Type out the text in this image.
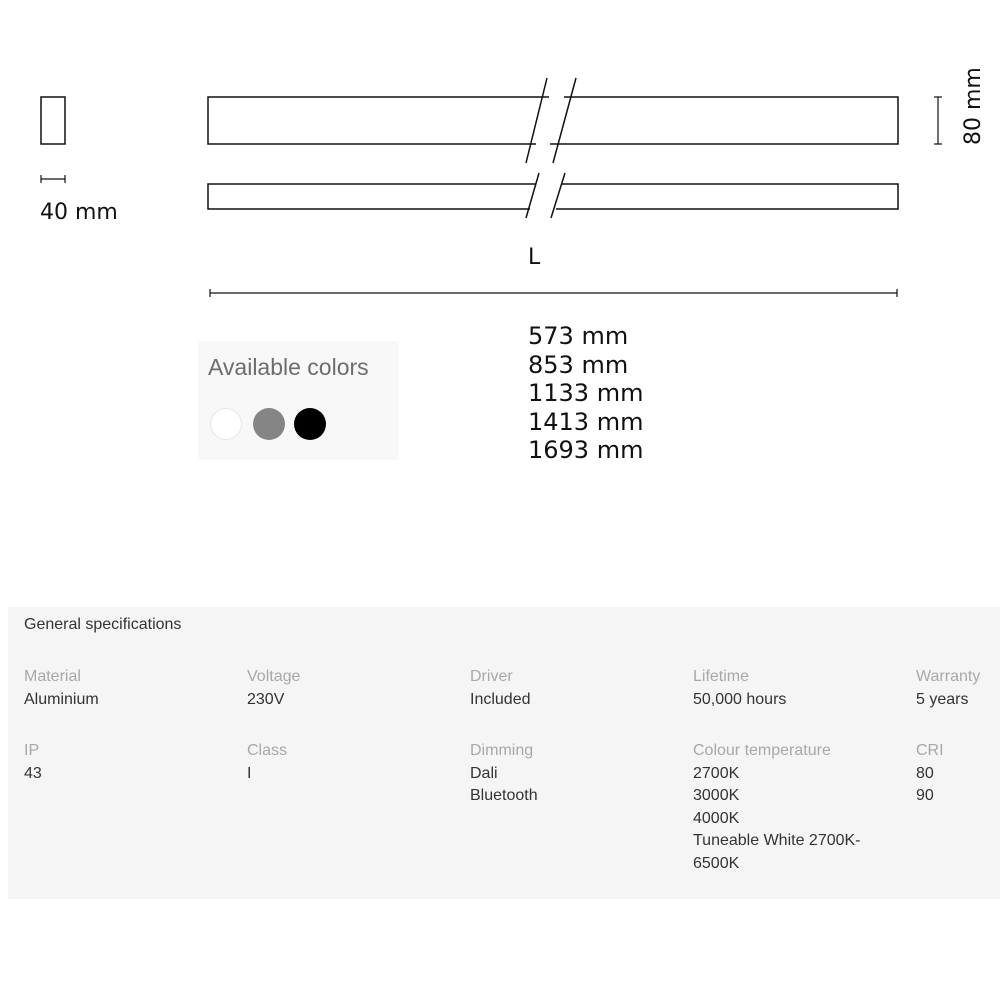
40 mm
80 mm
L
573 mm
853 mm
1133 mm
1413 mm
1693 mm
Available colors
General specifications
Material
Aluminium
Voltage
230V
Driver
Included
Lifetime
50,000 hours
Warranty
5 years
IP
43
Class
I
Dimming
Dali
Bluetooth
Colour temperature
2700K
3000K
4000K
Tuneable White 2700K-
6500K
CRI
80
90
